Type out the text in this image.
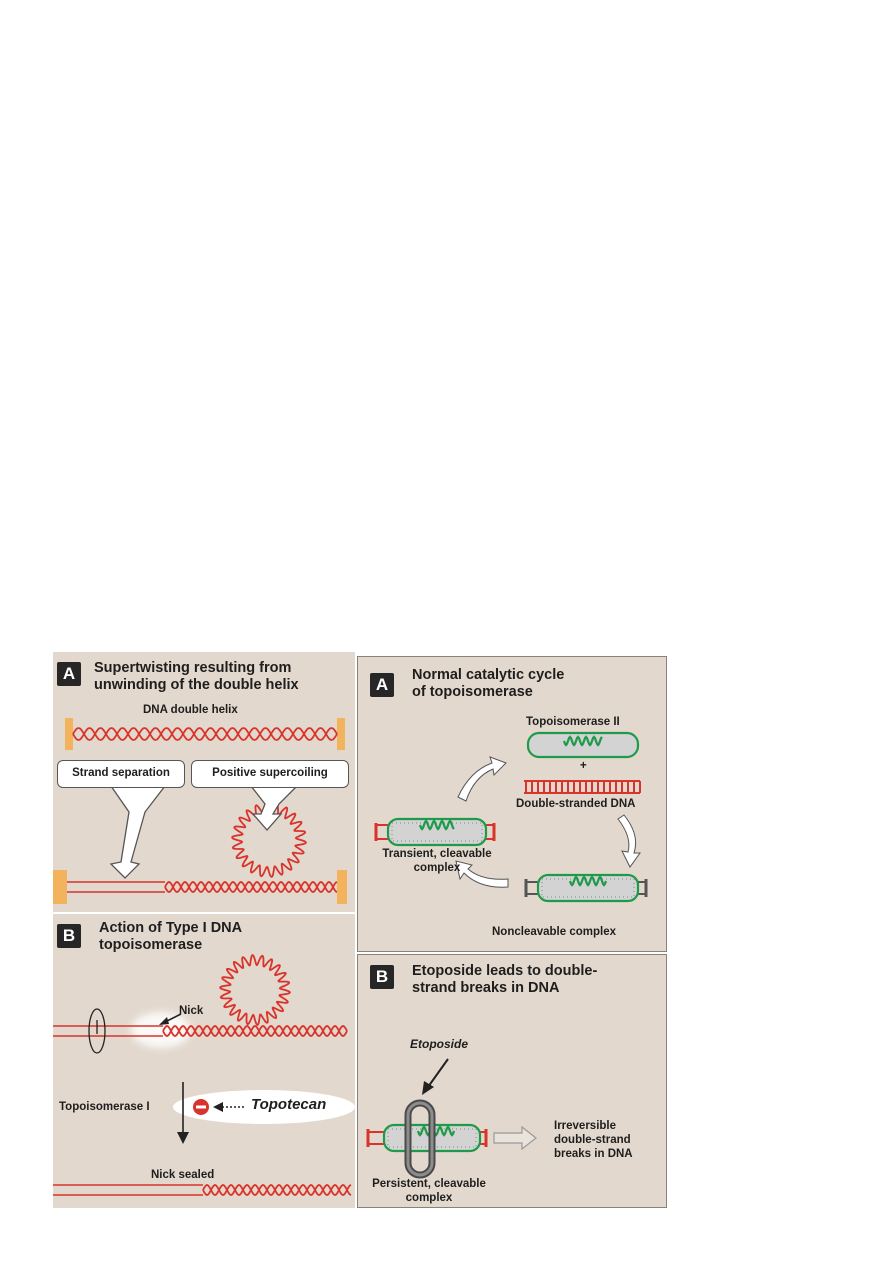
A	Supertwisting resulting from
unwinding of the double helix
DNA double helix
Strand separation	Positive supercoiling
B	Action of Type I DNA
topoisomerase
Nick
Topoisomerase I	Topotecan
Nick sealed
A	Normal catalytic cycle
of topoisomerase
Topoisomerase II
+
Double-stranded DNA
Transient, cleavable
complex
Noncleavable complex
B	Etoposide leads to double-
strand breaks in DNA
Etoposide
Persistent, cleavable
complex
Irreversible
double-strand
breaks in DNA
